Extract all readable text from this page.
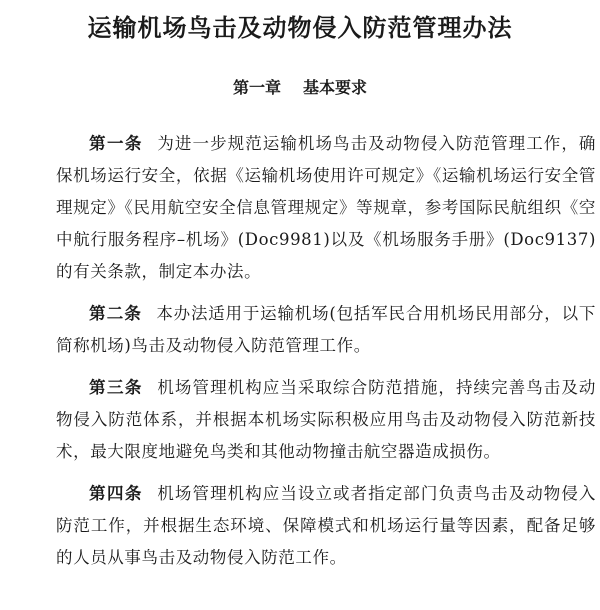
运输机场鸟击及动物侵入防范管理办法
第一章 基本要求

第一条 为进一步规范运输机场鸟击及动物侵入防范管理工作，确保机场运行安全，依据《运输机场使用许可规定》《运输机场运行安全管理规定》《民用航空安全信息管理规定》等规章，参考国际民航组织《空中航行服务程序–机场》(Doc9981)以及《机场服务手册》(Doc9137)的有关条款，制定本办法。

第二条 本办法适用于运输机场(包括军民合用机场民用部分，以下简称机场)鸟击及动物侵入防范管理工作。

第三条 机场管理机构应当采取综合防范措施，持续完善鸟击及动物侵入防范体系，并根据本机场实际积极应用鸟击及动物侵入防范新技术，最大限度地避免鸟类和其他动物撞击航空器造成损伤。

第四条 机场管理机构应当设立或者指定部门负责鸟击及动物侵入防范工作，并根据生态环境、保障模式和机场运行量等因素，配备足够的人员从事鸟击及动物侵入防范工作。
